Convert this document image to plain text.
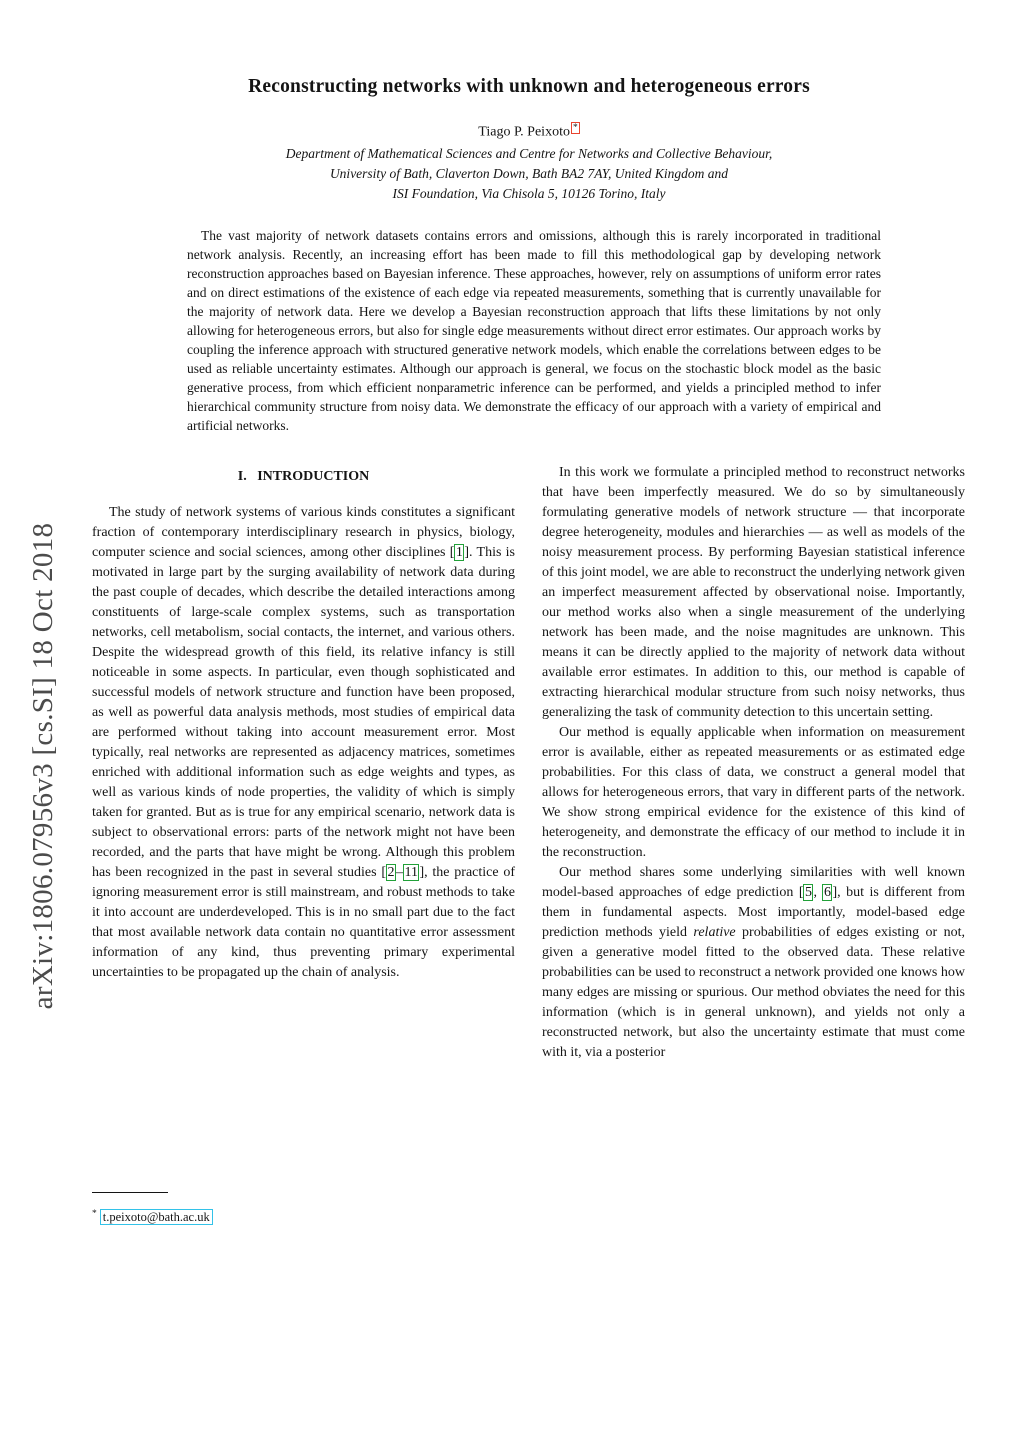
arXiv:1806.07956v3 [cs.SI] 18 Oct 2018
Reconstructing networks with unknown and heterogeneous errors
Tiago P. Peixoto *
Department of Mathematical Sciences and Centre for Networks and Collective Behaviour,
University of Bath, Claverton Down, Bath BA2 7AY, United Kingdom and
ISI Foundation, Via Chisola 5, 10126 Torino, Italy

The vast majority of network datasets contains errors and omissions, although this is rarely incorporated in traditional network analysis. Recently, an increasing effort has been made to fill this methodological gap by developing network reconstruction approaches based on Bayesian inference. These approaches, however, rely on assumptions of uniform error rates and on direct estimations of the existence of each edge via repeated measurements, something that is currently unavailable for the majority of network data. Here we develop a Bayesian reconstruction approach that lifts these limitations by not only allowing for heterogeneous errors, but also for single edge measurements without direct error estimates. Our approach works by coupling the inference approach with structured generative network models, which enable the correlations between edges to be used as reliable uncertainty estimates. Although our approach is general, we focus on the stochastic block model as the basic generative process, from which efficient nonparametric inference can be performed, and yields a principled method to infer hierarchical community structure from noisy data. We demonstrate the efficacy of our approach with a variety of empirical and artificial networks.

I.   INTRODUCTION

The study of network systems of various kinds constitutes a significant fraction of contemporary interdisciplinary research in physics, biology, computer science and social sciences, among other disciplines [ 1 ]. This is motivated in large part by the surging availability of network data during the past couple of decades, which describe the detailed interactions among constituents of large-scale complex systems, such as transportation networks, cell metabolism, social contacts, the internet, and various others. Despite the widespread growth of this field, its relative infancy is still noticeable in some aspects. In particular, even though sophisticated and successful models of network structure and function have been proposed, as well as powerful data analysis methods, most studies of empirical data are performed without taking into account measurement error. Most typically, real networks are represented as adjacency matrices, sometimes enriched with additional information such as edge weights and types, as well as various kinds of node properties, the validity of which is simply taken for granted. But as is true for any empirical scenario, network data is subject to observational errors: parts of the network might not have been recorded, and the parts that have might be wrong. Although this problem has been recognized in the past in several studies [ 2 – 11 ], the practice of ignoring measurement error is still mainstream, and robust methods to take it into account are underdeveloped. This is in no small part due to the fact that most available network data contain no quantitative error assessment information of any kind, thus preventing primary experimental uncertainties to be propagated up the chain of analysis.

In this work we formulate a principled method to reconstruct networks that have been imperfectly measured. We do so by simultaneously formulating generative models of network structure — that incorporate degree heterogeneity, modules and hierarchies — as well as models of the noisy measurement process. By performing Bayesian statistical inference of this joint model, we are able to reconstruct the underlying network given an imperfect measurement affected by observational noise. Importantly, our method works also when a single measurement of the underlying network has been made, and the noise magnitudes are unknown. This means it can be directly applied to the majority of network data without available error estimates. In addition to this, our method is capable of extracting hierarchical modular structure from such noisy networks, thus generalizing the task of community detection to this uncertain setting.

Our method is equally applicable when information on measurement error is available, either as repeated measurements or as estimated edge probabilities. For this class of data, we construct a general model that allows for heterogeneous errors, that vary in different parts of the network. We show strong empirical evidence for the existence of this kind of heterogeneity, and demonstrate the efficacy of our method to include it in the reconstruction.

Our method shares some underlying similarities with well known model-based approaches of edge prediction [ 5 , 6 ], but is different from them in fundamental aspects. Most importantly, model-based edge prediction methods yield relative probabilities of edges existing or not, given a generative model fitted to the observed data. These relative probabilities can be used to reconstruct a network provided one knows how many edges are missing or spurious. Our method obviates the need for this information (which is in general unknown), and yields not only a reconstructed network, but also the uncertainty estimate that must come with it, via a posterior

* t.peixoto@bath.ac.uk
